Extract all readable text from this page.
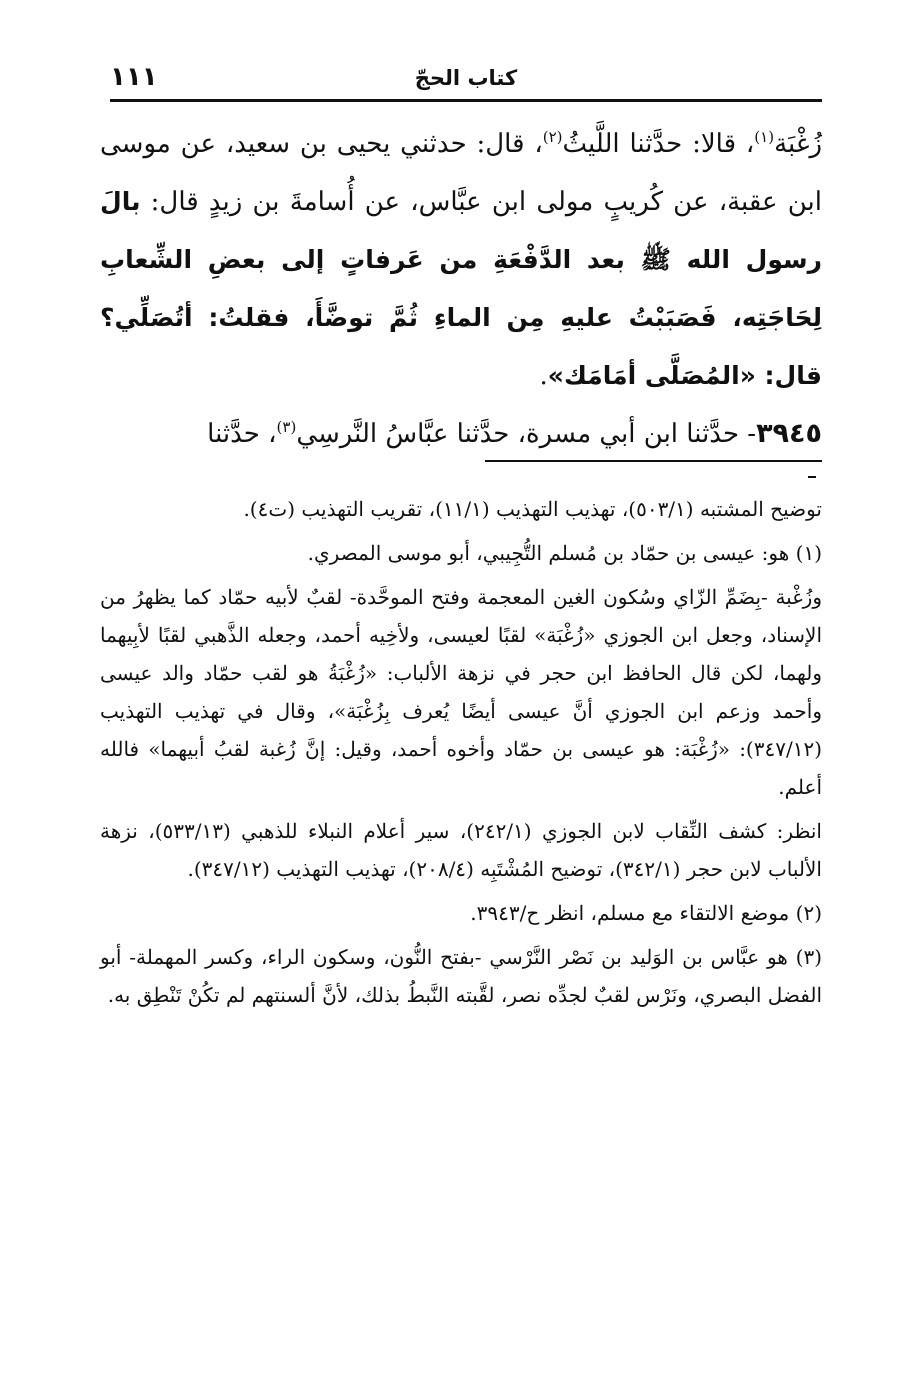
كتاب الحجّ
١١١

زُغْبَة$^{(١)}$، قالا: حدَّثنا اللَّيثُ$^{(٢)}$، قال: حدثني يحيى بن سعيد، عن موسى ابن عقبة، عن كُريبٍ مولى ابن عبَّاس، عن أُسامةَ بن زيدٍ قال: بالَ رسول الله ﷺ بعد الدَّفْعَةِ من عَرفاتٍ إلى بعضِ الشِّعابِ لِحَاجَتِه، فَصَبَبْتُ عليهِ مِن الماءِ ثُمَّ توضَّأَ، فقلتُ: أتُصَلِّي؟ قال: «المُصَلَّى أمَامَك».

٣٩٤٥- حدَّثنا ابن أبي مسرة، حدَّثنا عبَّاسُ النَّرسِي$^{(٣)}$، حدَّثنا

توضيح المشتبه (٥٠٣/١)، تهذيب التهذيب (١١/١)، تقريب التهذيب (ت٤).

(١) هو: عيسى بن حمّاد بن مُسلم التُّجِيبي، أبو موسى المصري.

وزُغْبة -بِضَمِّ الزّاي وسُكون الغين المعجمة وفتح الموحَّدة- لقبٌ لأبيه حمّاد كما يظهرُ من الإسناد، وجعل ابن الجوزي «زُغْبَة» لقبًا لعيسى، ولأخِيه أحمد، وجعله الذَّهبي لقبًا لأبِيهما ولهما، لكن قال الحافظ ابن حجر في نزهة الألباب: «زُغْبَةُ هو لقب حمّاد والد عيسى وأحمد وزعم ابن الجوزي أنَّ عيسى أيضًا يُعرف بِزُغْبَة»، وقال في تهذيب التهذيب (٣٤٧/١٢): «زُغْبَة: هو عيسى بن حمّاد وأخوه أحمد، وقيل: إنَّ زُغبة لقبُ أبيهما» فالله أعلم.

انظر: كشف النِّقاب لابن الجوزي (٢٤٢/١)، سير أعلام النبلاء للذهبي (٥٣٣/١٣)، نزهة الألباب لابن حجر (٣٤٢/١)، توضيح المُشْتَبِه (٢٠٨/٤)، تهذيب التهذيب (٣٤٧/١٢).

(٢) موضع الالتقاء مع مسلم، انظر ح/٣٩٤٣.

(٣) هو عبَّاس بن الوَليد بن نَصْر النَّرْسي -بفتح النُّون، وسكون الراء، وكسر المهملة- أبو الفضل البصري، ونَرْس لقبٌ لجدِّه نصر، لقَّبته النَّبطُ بذلك، لأنَّ ألسنتهم لم تكُنْ تَنْطِق به.
